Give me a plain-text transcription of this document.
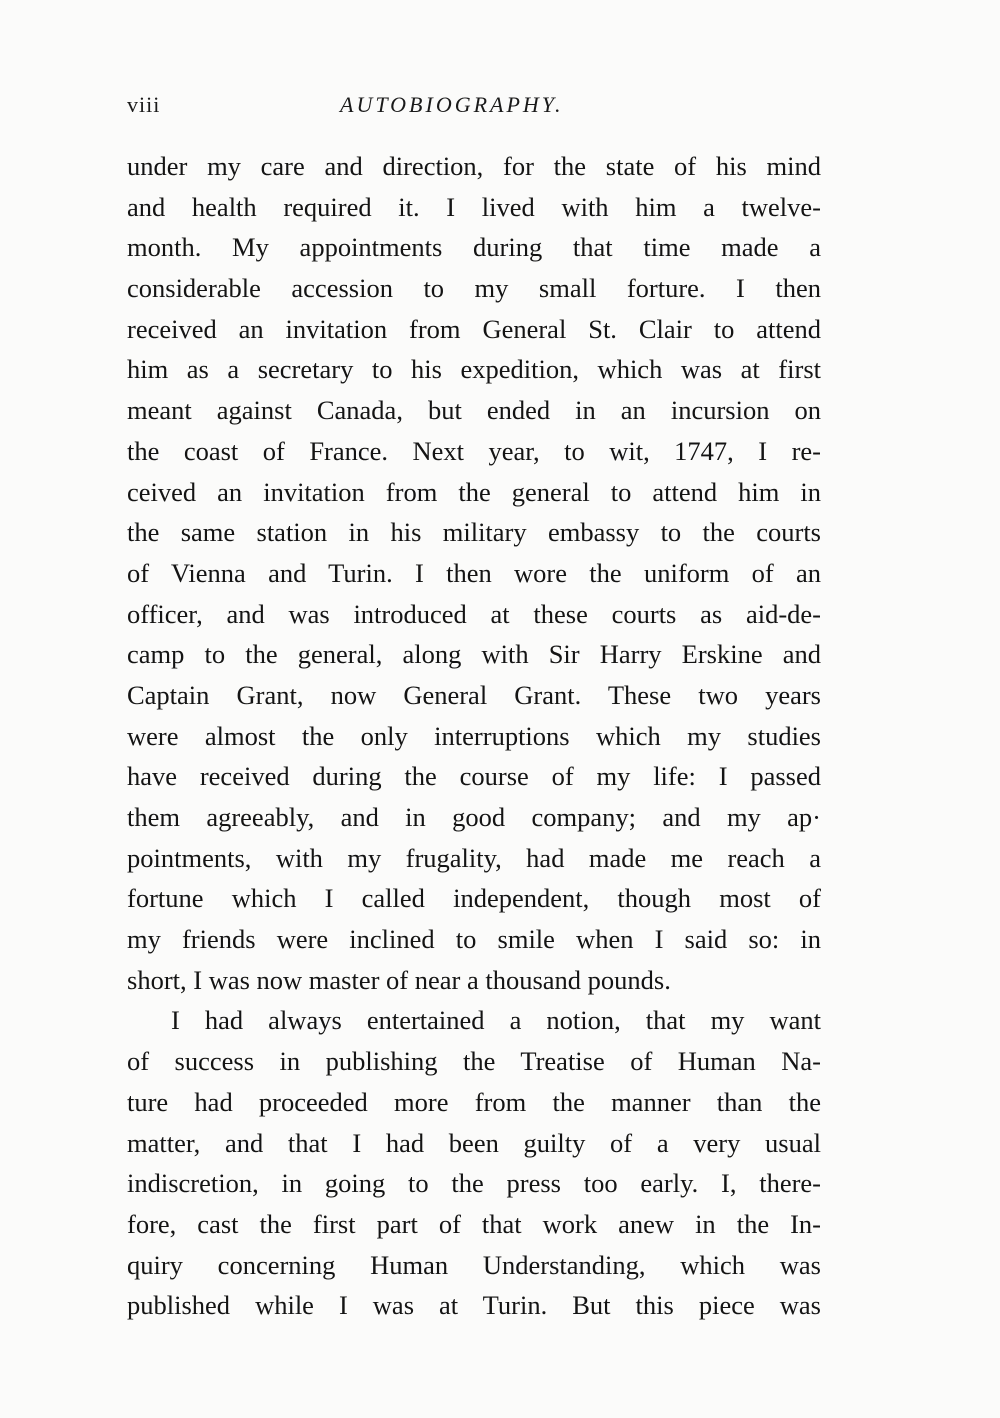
viii	AUTOBIOGRAPHY.
under my care and direction, for the state of his mind
and health required it. I lived with him a twelve-
month. My appointments during that time made a
considerable accession to my small forture. I then
received an invitation from General St. Clair to attend
him as a secretary to his expedition, which was at first
meant against Canada, but ended in an incursion on
the coast of France. Next year, to wit, 1747, I re-
ceived an invitation from the general to attend him in
the same station in his military embassy to the courts
of Vienna and Turin. I then wore the uniform of an
officer, and was introduced at these courts as aid-de-
camp to the general, along with Sir Harry Erskine and
Captain Grant, now General Grant. These two years
were almost the only interruptions which my studies
have received during the course of my life: I passed
them agreeably, and in good company; and my ap·
pointments, with my frugality, had made me reach a
fortune which I called independent, though most of
my friends were inclined to smile when I said so: in
short, I was now master of near a thousand pounds.
I had always entertained a notion, that my want
of success in publishing the Treatise of Human Na-
ture had proceeded more from the manner than the
matter, and that I had been guilty of a very usual
indiscretion, in going to the press too early. I, there-
fore, cast the first part of that work anew in the In-
quiry concerning Human Understanding, which was
published while I was at Turin. But this piece was
